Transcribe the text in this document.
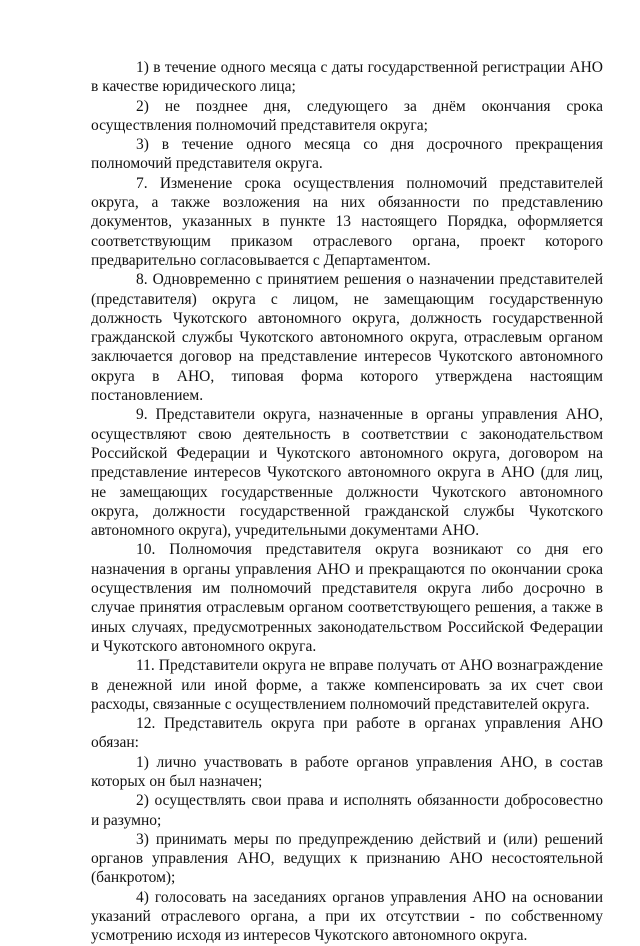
1) в течение одного месяца с даты государственной регистрации АНО в качестве юридического лица;

2) не позднее дня, следующего за днём окончания срока осуществления полномочий представителя округа;

3) в течение одного месяца со дня досрочного прекращения полномочий представителя округа.

7. Изменение срока осуществления полномочий представителей округа, а также возложения на них обязанности по представлению документов, указанных в пункте 13 настоящего Порядка, оформляется соответствующим приказом отраслевого органа, проект которого предварительно согласовывается с Департаментом.

8. Одновременно с принятием решения о назначении представителей (представителя) округа с лицом, не замещающим государственную должность Чукотского автономного округа, должность государственной гражданской службы Чукотского автономного округа, отраслевым органом заключается договор на представление интересов Чукотского автономного округа в АНО, типовая форма которого утверждена настоящим постановлением.

9. Представители округа, назначенные в органы управления АНО, осуществляют свою деятельность в соответствии с законодательством Российской Федерации и Чукотского автономного округа, договором на представление интересов Чукотского автономного округа в АНО (для лиц, не замещающих государственные должности Чукотского автономного округа, должности государственной гражданской службы Чукотского автономного округа), учредительными документами АНО.

10. Полномочия представителя округа возникают со дня его назначения в органы управления АНО и прекращаются по окончании срока осуществления им полномочий представителя округа либо досрочно в случае принятия отраслевым органом соответствующего решения, а также в иных случаях, предусмотренных законодательством Российской Федерации и Чукотского автономного округа.

11. Представители округа не вправе получать от АНО вознаграждение в денежной или иной форме, а также компенсировать за их счет свои расходы, связанные с осуществлением полномочий представителей округа.

12. Представитель округа при работе в органах управления АНО обязан:

1) лично участвовать в работе органов управления АНО, в состав которых он был назначен;

2) осуществлять свои права и исполнять обязанности добросовестно и разумно;

3) принимать меры по предупреждению действий и (или) решений органов управления АНО, ведущих к признанию АНО несостоятельной (банкротом);

4) голосовать на заседаниях органов управления АНО на основании указаний отраслевого органа, а при их отсутствии - по собственному усмотрению исходя из интересов Чукотского автономного округа.
